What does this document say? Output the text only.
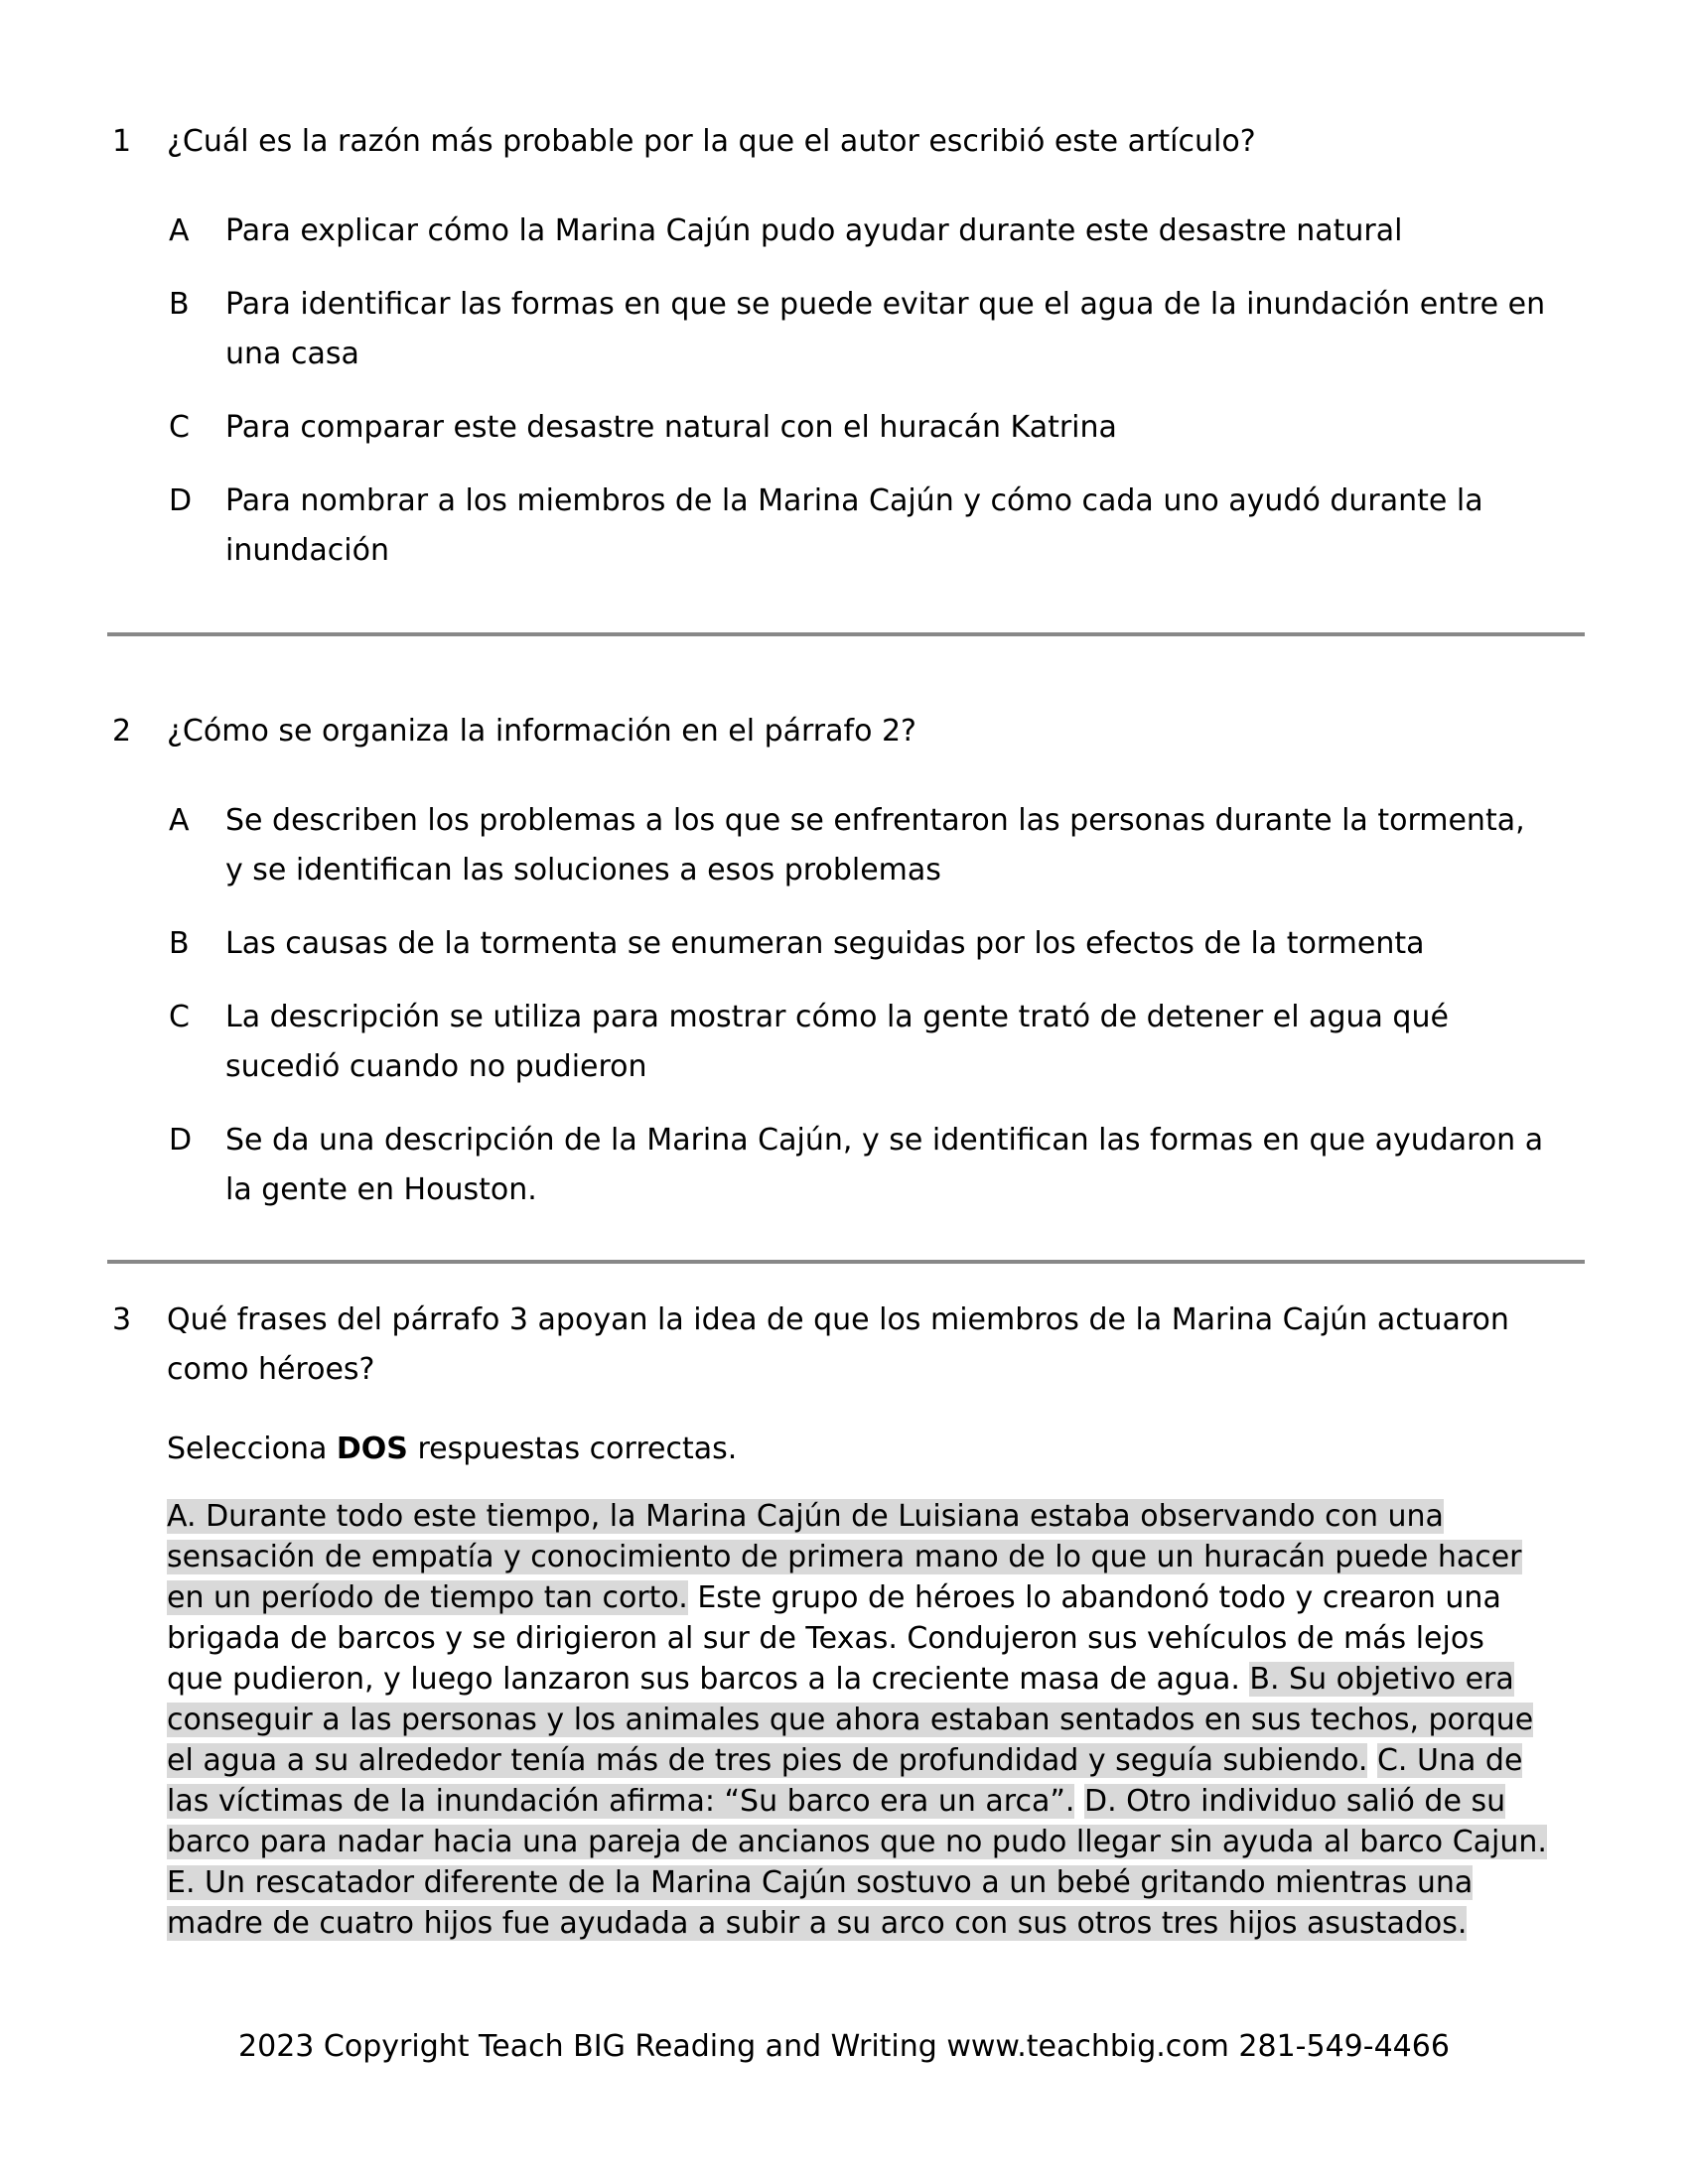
1	¿Cuál es la razón más probable por la que el autor escribió este artículo?
A	Para explicar cómo la Marina Cajún pudo ayudar durante este desastre natural
B	Para identificar las formas en que se puede evitar que el agua de la inundación entre en una casa
C	Para comparar este desastre natural con el huracán Katrina
D	Para nombrar a los miembros de la Marina Cajún y cómo cada uno ayudó durante la inundación
2	¿Cómo se organiza la información en el párrafo 2?
A	Se describen los problemas a los que se enfrentaron las personas durante la tormenta, y se identifican las soluciones a esos problemas
B	Las causas de la tormenta se enumeran seguidas por los efectos de la tormenta
C	La descripción se utiliza para mostrar cómo la gente trató de detener el agua qué sucedió cuando no pudieron
D	Se da una descripción de la Marina Cajún, y se identifican las formas en que ayudaron a la gente en Houston.
3	Qué frases del párrafo 3 apoyan la idea de que los miembros de la Marina Cajún actuaron como héroes?
Selecciona DOS respuestas correctas.
A. Durante todo este tiempo, la Marina Cajún de Luisiana estaba observando con una sensación de empatía y conocimiento de primera mano de lo que un huracán puede hacer en un período de tiempo tan corto. Este grupo de héroes lo abandonó todo y crearon una brigada de barcos y se dirigieron al sur de Texas. Condujeron sus vehículos de más lejos que pudieron, y luego lanzaron sus barcos a la creciente masa de agua. B. Su objetivo era conseguir a las personas y los animales que ahora estaban sentados en sus techos, porque el agua a su alrededor tenía más de tres pies de profundidad y seguía subiendo. C. Una de las víctimas de la inundación afirma: “Su barco era un arca”. D. Otro individuo salió de su barco para nadar hacia una pareja de ancianos que no pudo llegar sin ayuda al barco Cajun. E. Un rescatador diferente de la Marina Cajún sostuvo a un bebé gritando mientras una madre de cuatro hijos fue ayudada a subir a su arco con sus otros tres hijos asustados.
2023 Copyright Teach BIG Reading and Writing www.teachbig.com 281-549-4466
